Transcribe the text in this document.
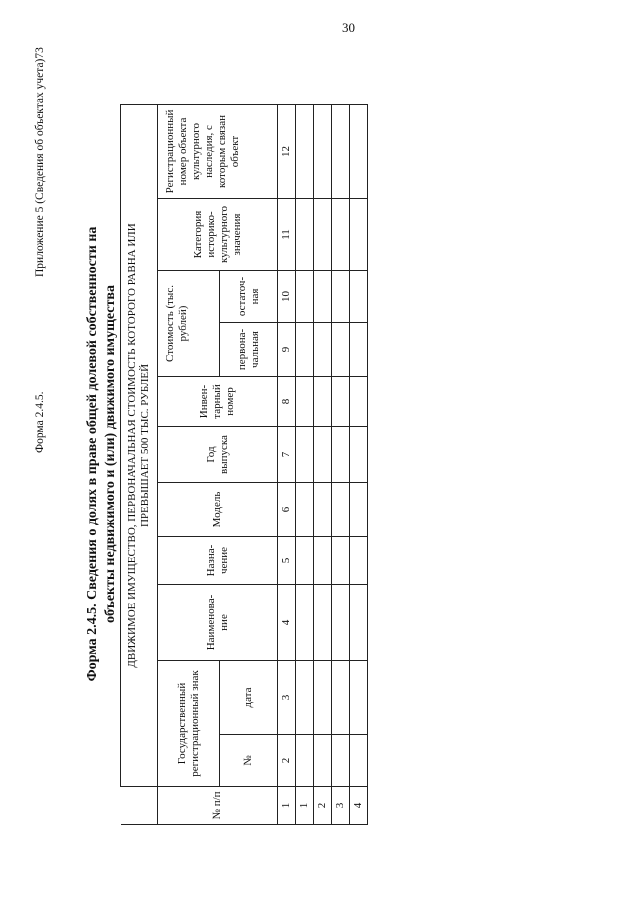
30
Форма 2.4.5.
Приложение 5 (Сведения об объектах учета)73
Форма 2.4.5. Сведения о долях в праве общей долевой собственности на объекты недвижимого и (или) движимого имущества

	ДВИЖИМОЕ ИМУЩЕСТВО, ПЕРВОНАЧАЛЬНАЯ СТОИМОСТЬ КОТОРОГО РАВНА ИЛИ ПРЕВЫШАЕТ 500 ТЫС. РУБЛЕЙ										

№ п/п	Государственный регистрационный знак		Наименова-ние	Назна-чение	Модель	Год выпуска	Инвен-тарный номер	Стоимость (тыс. рублей)		Категория историко-культурного значения	Регистрационный номер объекта культурного наследия, с которым связан объект
	№	дата						первона-чальная	остаточ-ная		
1	2	3	4	5	6	7	8	9	10	11	12
1											
2											
3											
4											
